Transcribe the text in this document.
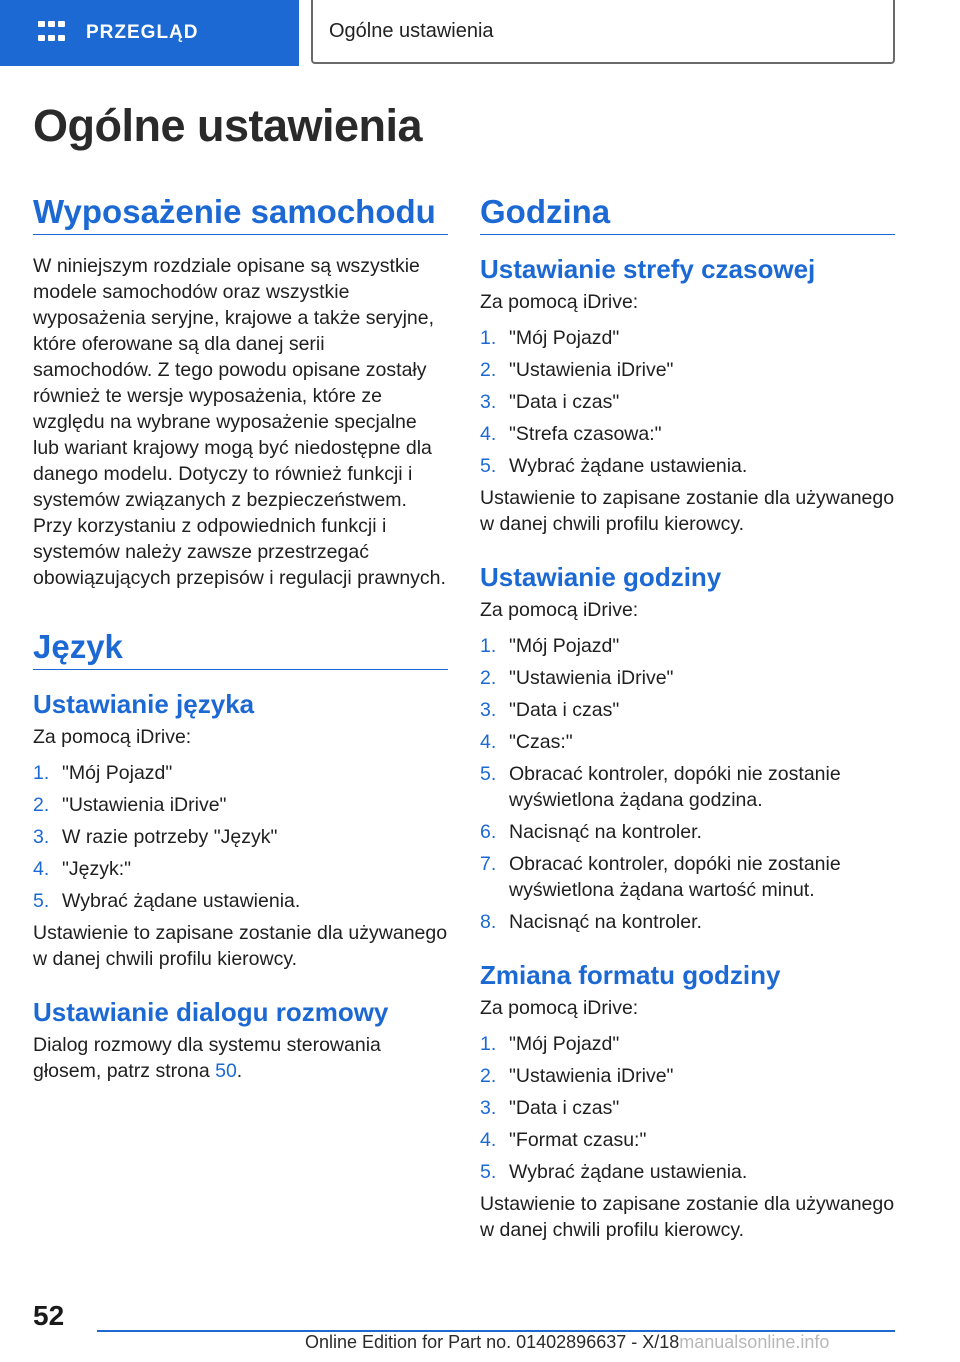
PRZEGLĄD	Ogólne ustawienia
Ogólne ustawienia
Wyposażenie samochodu

W niniejszym rozdziale opisane są wszystkie modele samochodów oraz wszystkie wyposażenia seryjne, krajowe a także seryjne, które oferowane są dla danej serii samochodów. Z tego powodu opisane zostały również te wersje wyposażenia, które ze względu na wybrane wyposażenie specjalne lub wariant krajowy mogą być niedostępne dla danego modelu. Dotyczy to również funkcji i systemów związanych z bezpieczeństwem. Przy korzystaniu z odpowiednich funkcji i systemów należy zawsze przestrzegać obowiązujących przepisów i regulacji prawnych.

Język
Ustawianie języka

Za pomocą iDrive:

1. "Mój Pojazd"
2. "Ustawienia iDrive"
3. W razie potrzeby "Język"
4. "Język:"
5. Wybrać żądane ustawienia.

Ustawienie to zapisane zostanie dla używanego w danej chwili profilu kierowcy.

Ustawianie dialogu rozmowy

Dialog rozmowy dla systemu sterowania głosem, patrz strona 50.

Godzina
Ustawianie strefy czasowej

Za pomocą iDrive:

1. "Mój Pojazd"
2. "Ustawienia iDrive"
3. "Data i czas"
4. "Strefa czasowa:"
5. Wybrać żądane ustawienia.

Ustawienie to zapisane zostanie dla używanego w danej chwili profilu kierowcy.

Ustawianie godziny

Za pomocą iDrive:

1. "Mój Pojazd"
2. "Ustawienia iDrive"
3. "Data i czas"
4. "Czas:"
5. Obracać kontroler, dopóki nie zostanie wyświetlona żądana godzina.
6. Nacisnąć na kontroler.
7. Obracać kontroler, dopóki nie zostanie wyświetlona żądana wartość minut.
8. Nacisnąć na kontroler.
Zmiana formatu godziny

Za pomocą iDrive:

1. "Mój Pojazd"
2. "Ustawienia iDrive"
3. "Data i czas"
4. "Format czasu:"
5. Wybrać żądane ustawienia.

Ustawienie to zapisane zostanie dla używanego w danej chwili profilu kierowcy.

52
Online Edition for Part no. 01402896637 - X/18manualsonline.info
